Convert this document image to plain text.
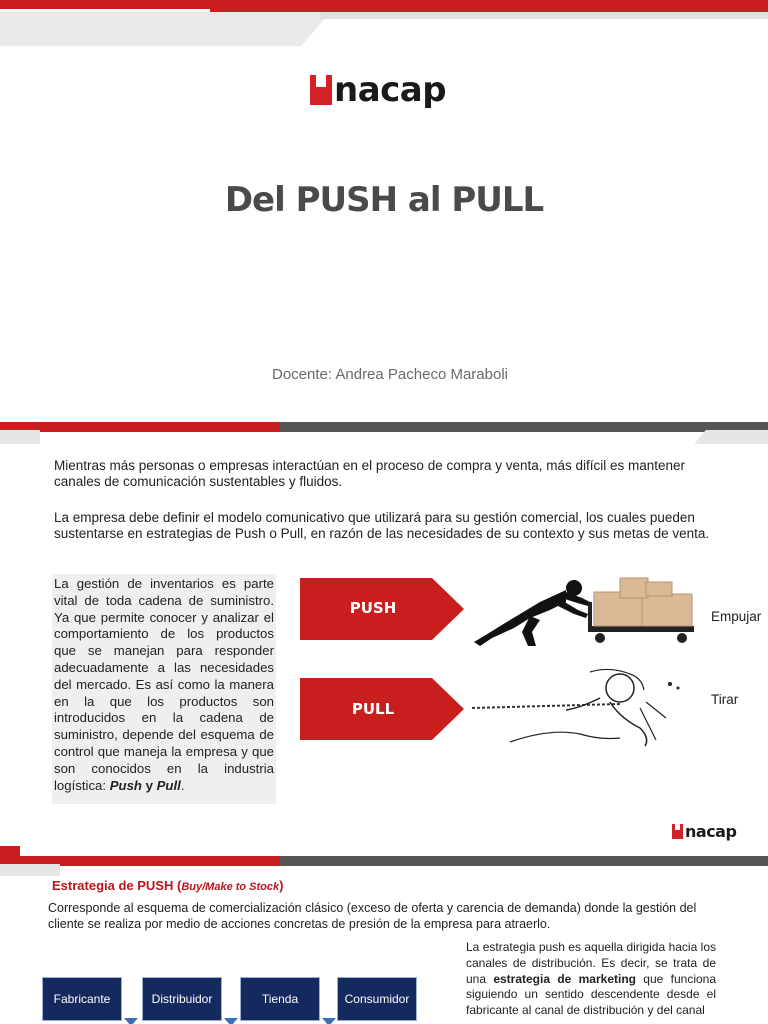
nacap
Del PUSH al PULL
Docente: Andrea Pacheco Maraboli
Mientras más personas o empresas interactúan en el proceso de compra y venta, más difícil es mantener canales de comunicación sustentables y fluidos.
La empresa debe definir el modelo comunicativo que utilizará para su gestión comercial, los cuales pueden sustentarse en estrategias de Push o Pull, en razón de las necesidades de su contexto y sus metas de venta.
La gestión de inventarios es parte vital de toda cadena de suministro. Ya que permite conocer y analizar el comportamiento de los productos que se manejan para responder adecuadamente a las necesidades del mercado. Es así como la manera en la que los productos son introducidos en la cadena de suministro, depende del esquema de control que maneja la empresa y que son conocidos en la industria logística: Push y Pull.
PUSH
PULL
Empujar
Tirar
nacap
Estrategia de PUSH (Buy/Make to Stock)
Corresponde al esquema de comercialización clásico (exceso de oferta y carencia de demanda) donde la gestión del cliente se realiza por medio de acciones concretas de presión de la empresa para atraerlo.
La estrategia push es aquella dirigida hacia los canales de distribución. Es decir, se trata de una estrategia de marketing que funciona siguiendo un sentido descendente desde el fabricante al canal de distribución y del canal
Fabricante	Distribuidor	Tienda	Consumidor
